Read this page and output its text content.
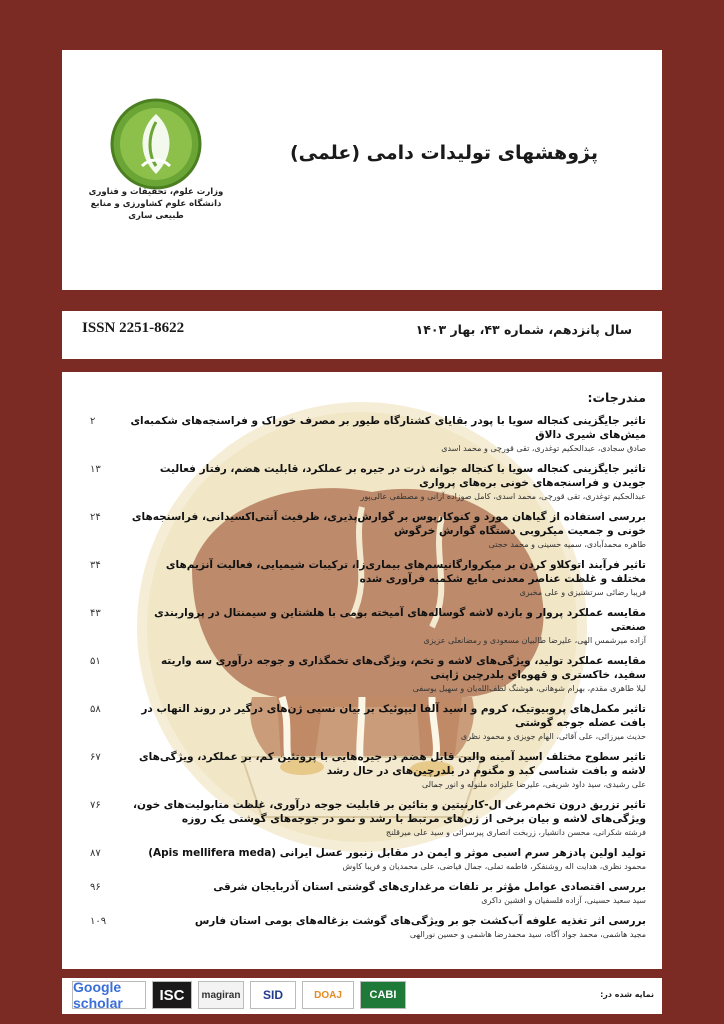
وزارت علوم، تحقیقات و فناوری
دانشگاه علوم کشاورزی و منابع طبیعی ساری
پژوهشهای تولیدات دامی (علمی)
ISSN 2251-8622	سال پانزدهم، شماره ۴۳، بهار ۱۴۰۳
مندرجات:
۲	تاثیر جایگزینی کنجاله سویا با پودر بقایای کشتارگاه طیور بر مصرف خوراک و فراسنجه‌های شکمبه‌ای میش‌های شیری دالاق
صادق سجادی، عبدالحکیم توغدری، تقی قورچی و محمد اسدی
۱۳	تاثیر جایگزینی کنجاله سویا با کنجاله جوانه ذرت در جیره بر عملکرد، قابلیت هضم، رفتار فعالیت جویدن و فراسنجه‌های خونی بره‌های پرواری
عبدالحکیم توغدری، تقی قورچی، محمد اسدی، کامل صوزاده آزانی و مصطفی عالی‌پور
۲۴	بررسی استفاده از گیاهان مورد و کنوکارپوس بر گوارش‌پذیری، ظرفیت آنتی‌اکسیدانی، فراسنجه‌های خونی و جمعیت میکروبی دستگاه گوارش خرگوش
طاهره محمدآبادی، سمیه حسینی و محمد حجتی
۳۴	تاثیر فرآیند اتوکلاو کردن بر میکروارگانیسم‌های بیماری‌زا، ترکیبات شیمیایی، فعالیت آنزیم‌های مختلف و غلظت عناصر معدنی مایع شکمبه فرآوری شده
فریبا رضائی سرتشنیزی و علی مخبری
۴۳	مقایسه عملکرد پروار و بازده لاشه گوساله‌های آمیخته بومی با هلشتاین و سیمنتال در پرواربندی صنعتی
آزاده میرشمس الهی، علیرضا طالبیان مسعودی و رمضانعلی عزیزی
۵۱	مقایسه عملکرد تولید، ویژگی‌های لاشه و تخم، ویژگی‌های تخمگذاری و جوجه درآوری سه واریته سفید، خاکستری و قهوه‌ای بلدرچین ژاپنی
لیلا طاهری مقدم، بهرام شوهانی، هوشنگ لطف‌الله‌یان و سهیل یوسفی
۵۸	تاثیر مکمل‌های پروبیوتیک، کروم و اسید آلفا لیپوئیک بر بیان نسبی ژن‌های درگیر در روند التهاب در بافت عضله جوجه گوشتی
حدیث میرزائی، علی آقائی، الهام جویزی و محمود نظری
۶۷	تاثیر سطوح مختلف اسید آمینه والین قابل هضم در جیره‌هایی با پروتئین کم، بر عملکرد، ویژگی‌های لاشه و بافت شناسی کبد و مگنوم در بلدرچین‌های در حال رشد
علی رشیدی، سید داود شریفی، علیرضا علیزاده ملنوله و انور جمالی
۷۶	تاثیر تزریق درون تخم‌مرغی ال-کارنیتین و بتائین بر قابلیت جوجه درآوری، غلظت متابولیت‌های خون، ویژگی‌های لاشه و بیان برخی از ژن‌های مرتبط با رشد و نمو در جوجه‌های گوشتی یک روزه
فرشته شکرانی، محسن دانشیار، زربخت انصاری پیرسرائی و سید علی میرقلنج
۸۷	تولید اولین پادزهر سرم اسبی موثر و ایمن در مقابل زنبور عسل ایرانی (Apis mellifera meda)
محمود نظری، هدایت اله روشنفکر، فاطمه تملی، جمال فیاضی، علی محمدیان و فریبا کاوش
۹۶	بررسی اقتصادی عوامل مؤثر بر تلفات مرغداری‌های گوشتی استان آذربایجان شرقی
سید سعید حسینی، آزاده فلسفیان و افشین داکری
۱۰۹	بررسی اثر تغذیه علوفه آب‌کشت جو بر ویژگی‌های گوشت بزغاله‌های بومی استان فارس
مجید هاشمی، محمد جواد آگاه، سید محمدرضا هاشمی و حسین نورالهی
Google scholar	ISC	magiran	SID	DOAJ	CABI	نمایه شده در:
